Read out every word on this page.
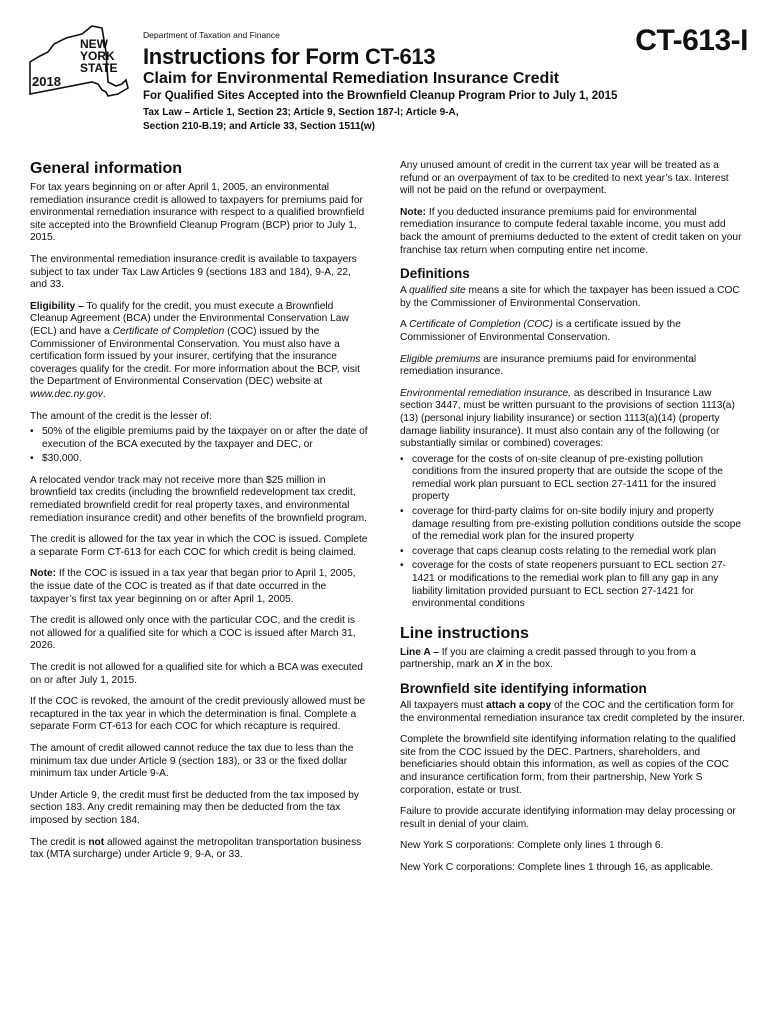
NEW
YORK
STATE
2018
Department of Taxation and Finance	CT-613-I
Instructions for Form CT-613
Claim for Environmental Remediation Insurance Credit
For Qualified Sites Accepted into the Brownfield Cleanup Program Prior to July 1, 2015
Tax Law – Article 1, Section 23; Article 9, Section 187-l; Article 9-A,
Section 210-B.19; and Article 33, Section 1511(w)
General information

For tax years beginning on or after April 1, 2005, an environmental remediation insurance credit is allowed to taxpayers for premiums paid for environmental remediation insurance with respect to a qualified brownfield site accepted into the Brownfield Cleanup Program (BCP) prior to July 1, 2015.

The environmental remediation insurance credit is available to taxpayers subject to tax under Tax Law Articles 9 (sections 183 and 184), 9-A, 22, and 33.

Eligibility – To qualify for the credit, you must execute a Brownfield Cleanup Agreement (BCA) under the Environmental Conservation Law (ECL) and have a Certificate of Completion (COC) issued by the Commissioner of Environmental Conservation. You must also have a certification form issued by your insurer, certifying that the insurance coverages qualify for the credit. For more information about the BCP, visit the Department of Environmental Conservation (DEC) website at www.dec.ny.gov.

The amount of the credit is the lesser of:

• 50% of the eligible premiums paid by the taxpayer on or after the date of execution of the BCA executed by the taxpayer and DEC, or
• $30,000.

A relocated vendor track may not receive more than $25 million in brownfield tax credits (including the brownfield redevelopment tax credit, remediated brownfield credit for real property taxes, and environmental remediation insurance credit) and other benefits of the brownfield program.

The credit is allowed for the tax year in which the COC is issued. Complete a separate Form CT-613 for each COC for which credit is being claimed.

Note: If the COC is issued in a tax year that began prior to April 1, 2005, the issue date of the COC is treated as if that date occurred in the taxpayer’s first tax year beginning on or after April 1, 2005.

The credit is allowed only once with the particular COC, and the credit is not allowed for a qualified site for which a COC is issued after March 31, 2026.

The credit is not allowed for a qualified site for which a BCA was executed on or after July 1, 2015.

If the COC is revoked, the amount of the credit previously allowed must be recaptured in the tax year in which the determination is final. Complete a separate Form CT-613 for each COC for which recapture is required.

The amount of credit allowed cannot reduce the tax due to less than the minimum tax due under Article 9 (section 183), or 33 or the fixed dollar minimum tax under Article 9-A.

Under Article 9, the credit must first be deducted from the tax imposed by section 183. Any credit remaining may then be deducted from the tax imposed by section 184.

The credit is not allowed against the metropolitan transportation business tax (MTA surcharge) under Article 9, 9-A, or 33.

Any unused amount of credit in the current tax year will be treated as a refund or an overpayment of tax to be credited to next year’s tax. Interest will not be paid on the refund or overpayment.

Note: If you deducted insurance premiums paid for environmental remediation insurance to compute federal taxable income, you must add back the amount of premiums deducted to the extent of credit taken on your franchise tax return when computing entire net income.

Definitions

A qualified site means a site for which the taxpayer has been issued a COC by the Commissioner of Environmental Conservation.

A Certificate of Completion (COC) is a certificate issued by the Commissioner of Environmental Conservation.

Eligible premiums are insurance premiums paid for environmental remediation insurance.

Environmental remediation insurance, as described in Insurance Law section 3447, must be written pursuant to the provisions of section 1113(a)(13) (personal injury liability insurance) or section 1113(a)(14) (property damage liability insurance). It must also contain any of the following (or substantially similar or combined) coverages:

• coverage for the costs of on-site cleanup of pre-existing pollution conditions from the insured property that are outside the scope of the remedial work plan pursuant to ECL section 27-1411 for the insured property
• coverage for third-party claims for on-site bodily injury and property damage resulting from pre-existing pollution conditions outside the scope of the remedial work plan for the insured property
• coverage that caps cleanup costs relating to the remedial work plan
• coverage for the costs of state reopeners pursuant to ECL section 27-1421 or modifications to the remedial work plan to fill any gap in any liability limitation provided pursuant to ECL section 27-1421 for environmental conditions
Line instructions

Line A – If you are claiming a credit passed through to you from a partnership, mark an X in the box.

Brownfield site identifying information

All taxpayers must attach a copy of the COC and the certification form for the environmental remediation insurance tax credit completed by the insurer.

Complete the brownfield site identifying information relating to the qualified site from the COC issued by the DEC. Partners, shareholders, and beneficiaries should obtain this information, as well as copies of the COC and insurance certification form, from their partnership, New York S corporation, estate or trust.

Failure to provide accurate identifying information may delay processing or result in denial of your claim.

New York S corporations: Complete only lines 1 through 6.

New York C corporations: Complete lines 1 through 16, as applicable.
